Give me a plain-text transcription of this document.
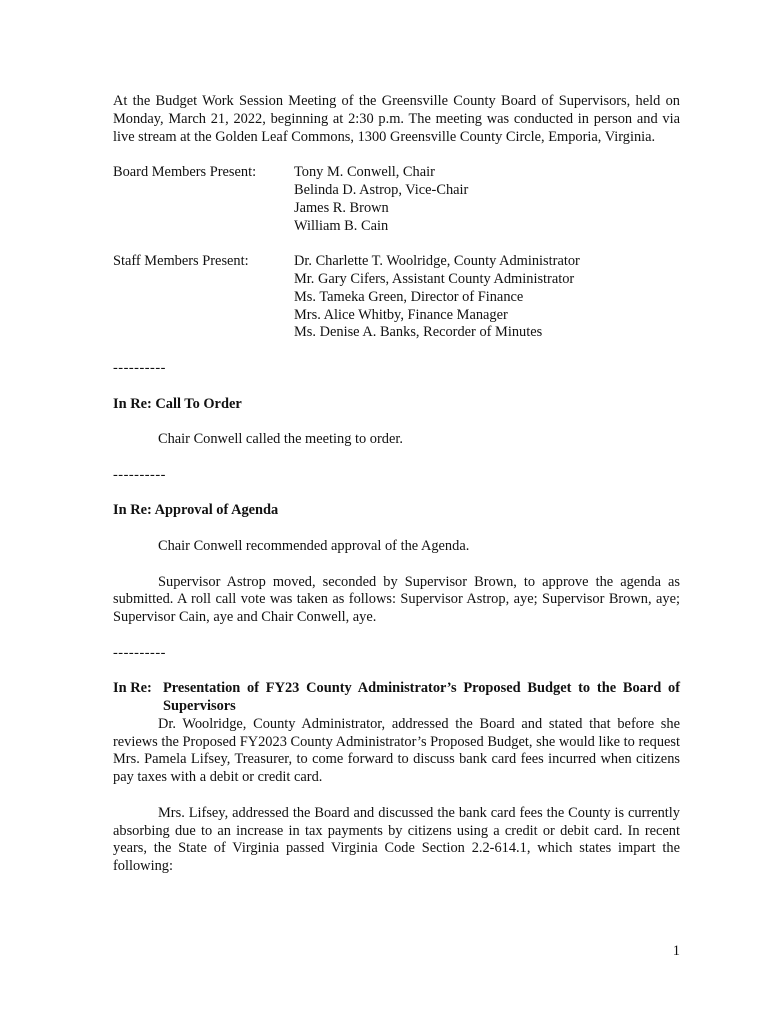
At the Budget Work Session Meeting of the Greensville County Board of Supervisors, held on Monday, March 21, 2022, beginning at 2:30 p.m. The meeting was conducted in person and via live stream at the Golden Leaf Commons, 1300 Greensville County Circle, Emporia, Virginia.

Board Members Present:	Tony M. Conwell, Chair
Belinda D. Astrop, Vice-Chair
James R. Brown
William B. Cain
Staff Members Present:	Dr. Charlette T. Woolridge, County Administrator
Mr. Gary Cifers, Assistant County Administrator
Ms. Tameka Green, Director of Finance
Mrs. Alice Whitby, Finance Manager
Ms. Denise A. Banks, Recorder of Minutes
----------
In Re: Call To Order

Chair Conwell called the meeting to order.

----------
In Re: Approval of Agenda

Chair Conwell recommended approval of the Agenda.

Supervisor Astrop moved, seconded by Supervisor Brown, to approve the agenda as submitted. A roll call vote was taken as follows: Supervisor Astrop, aye; Supervisor Brown, aye; Supervisor Cain, aye and Chair Conwell, aye.

----------
In Re: Presentation of FY23 County Administrator’s Proposed Budget to the Board of Supervisors

Dr. Woolridge, County Administrator, addressed the Board and stated that before she reviews the Proposed FY2023 County Administrator’s Proposed Budget, she would like to request Mrs. Pamela Lifsey, Treasurer, to come forward to discuss bank card fees incurred when citizens pay taxes with a debit or credit card.

Mrs. Lifsey, addressed the Board and discussed the bank card fees the County is currently absorbing due to an increase in tax payments by citizens using a credit or debit card. In recent years, the State of Virginia passed Virginia Code Section 2.2-614.1, which states impart the following:

1
